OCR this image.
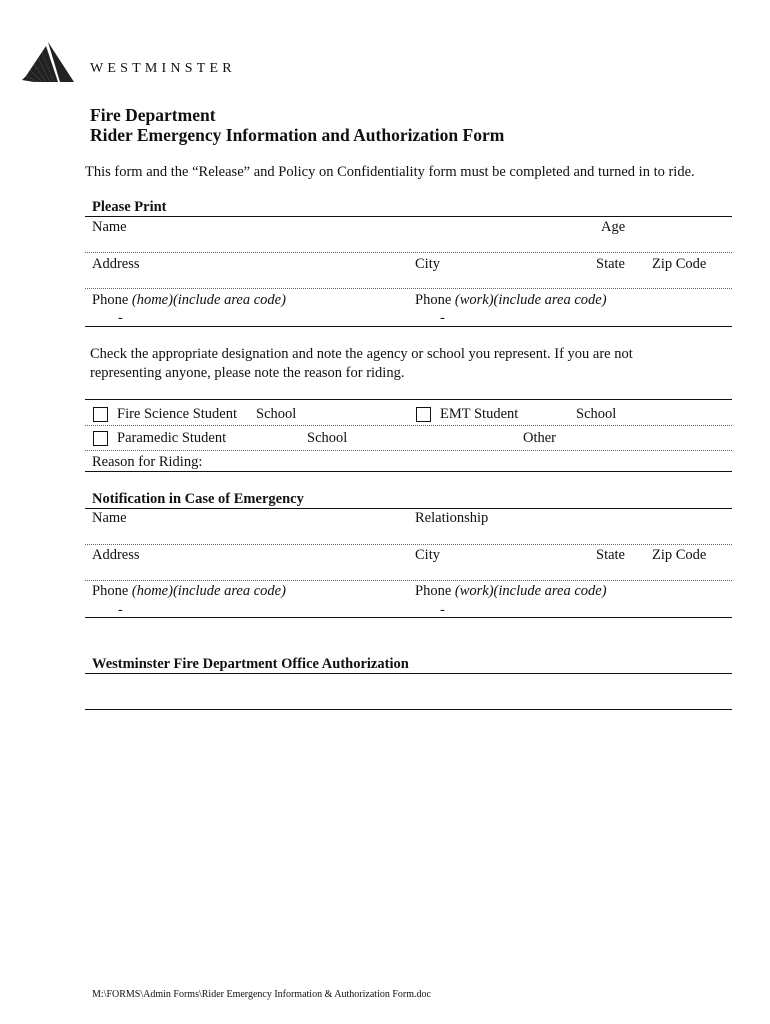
WESTMINSTER
Fire Department
Rider Emergency Information and Authorization Form
This form and the “Release” and Policy on Confidentiality form must be completed and turned in to ride.
Please Print
Name	Age
Address	City	State Zip Code
Phone (home)(include area code)	Phone (work)(include area code)
-	-
Check the appropriate designation and note the agency or school you represent. If you are not
representing anyone, please note the reason for riding.
Fire Science Student School	EMT Student	School
Paramedic Student	School	Other
Reason for Riding:
Notification in Case of Emergency
Name	Relationship
Address	City	State Zip Code
Phone (home)(include area code)	Phone (work)(include area code)
-	-
Westminster Fire Department Office Authorization
M:\FORMS\Admin Forms\Rider Emergency Information & Authorization Form.doc
